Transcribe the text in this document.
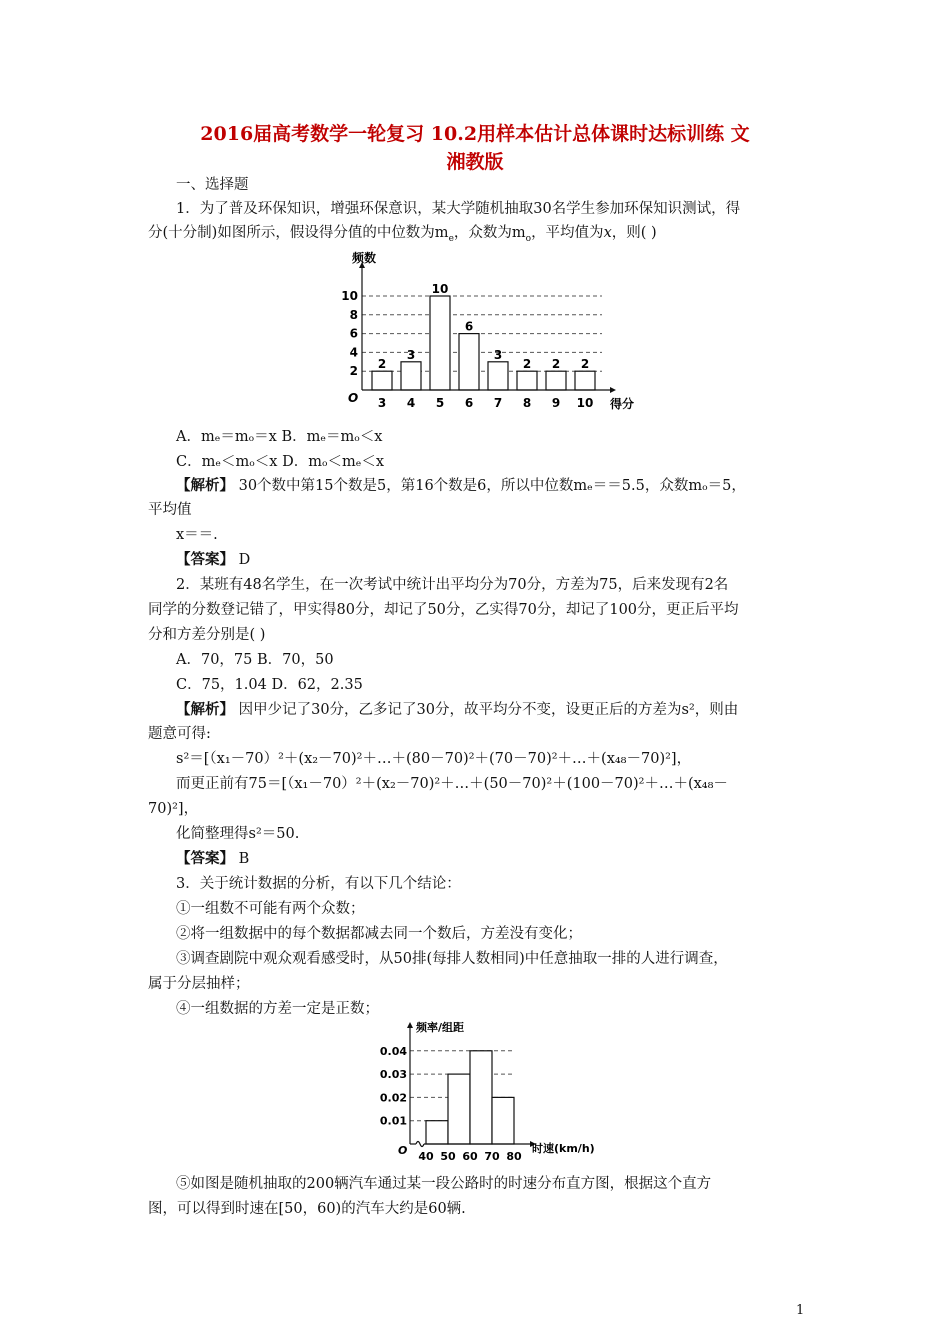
2016届高考数学一轮复习 10.2用样本估计总体课时达标训练 文
湘教版
一、选择题
1．为了普及环保知识，增强环保意识，某大学随机抽取30名学生参加环保知识测试，得
分(十分制)如图所示，假设得分值的中位数为$m_e$，众数为$m_o$，平均值为x，则( )
2
4
6
8
10
2
3
3
4
10
5
6
6
3
7
2
8
2
9
2
10
频数
得分
O
A．mₑ＝mₒ＝x B．mₑ＝mₒ＜x
C．mₑ＜mₒ＜x D．mₒ＜mₑ＜x
【解析】 30个数中第15个数是5，第16个数是6，所以中位数mₑ＝＝5.5，众数mₒ＝5，
平均值
x＝＝.
【答案】 D
2．某班有48名学生，在一次考试中统计出平均分为70分，方差为75，后来发现有2名
同学的分数登记错了，甲实得80分，却记了50分，乙实得70分，却记了100分，更正后平均
分和方差分别是( )
A．70，75 B．70，50
C．75，1.04 D．62，2.35
【解析】 因甲少记了30分，乙多记了30分，故平均分不变，设更正后的方差为s²，则由
题意可得:
s²＝[（x₁－70）²＋(x₂－70)²＋…＋(80－70)²＋(70－70)²＋…＋(x₄₈－70)²]，
而更正前有75＝[（x₁－70）²＋(x₂－70)²＋…＋(50－70)²＋(100－70)²＋…＋(x₄₈－
70)²]，
化简整理得s²＝50.
【答案】 B
3．关于统计数据的分析，有以下几个结论：
①一组数不可能有两个众数；
②将一组数据中的每个数据都减去同一个数后，方差没有变化；
③调查剧院中观众观看感受时，从50排(每排人数相同)中任意抽取一排的人进行调查，
属于分层抽样；
④一组数据的方差一定是正数；
0.01
0.02
0.03
0.04
40 50 60 70 80
频率/组距
时速(km/h)
O
⑤如图是随机抽取的200辆汽车通过某一段公路时的时速分布直方图，根据这个直方
图，可以得到时速在[50，60)的汽车大约是60辆.
1
